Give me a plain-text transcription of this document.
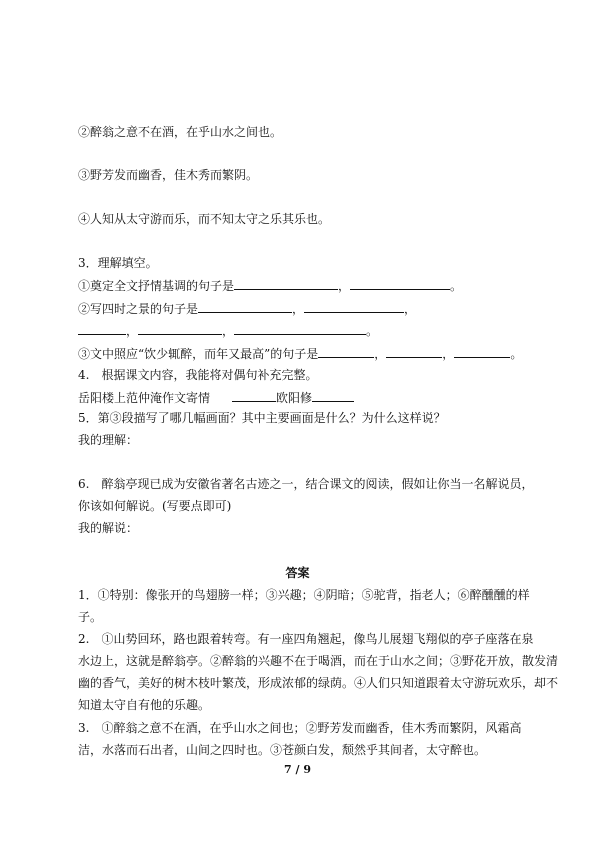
②醉翁之意不在酒，在乎山水之间也。
③野芳发而幽香，佳木秀而繁阴。
④人知从太守游而乐，而不知太守之乐其乐也。
3．理解填空。
①奠定全文抒情基调的句子是	，	。
②写四时之景的句子是	，	，
，	，	。
③文中照应“饮少辄醉，而年又最高”的句子是	，	，	。
4.　根据课文内容，我能将对偶句补充完整。
岳阳楼上范仲淹作文寄情	欧阳修
5．第③段描写了哪几幅画面？其中主要画面是什么？为什么这样说？
我的理解：
6.　醉翁亭现已成为安徽省著名古迹之一，结合课文的阅读，假如让你当一名解说员，
你该如何解说。(写要点即可)
我的解说：
答案
1．①特别：像张开的鸟翅膀一样；③兴趣；④阴暗；⑤驼背，指老人；⑥醉醺醺的样
子。
2.　①山势回环，路也跟着转弯。有一座四角翘起，像鸟儿展翅飞翔似的亭子座落在泉
水边上，这就是醉翁亭。②醉翁的兴趣不在于喝酒，而在于山水之间；③野花开放，散发清
幽的香气，美好的树木枝叶繁茂，形成浓郁的绿荫。④人们只知道跟着太守游玩欢乐，却不
知道太守自有他的乐趣。
3.　①醉翁之意不在酒，在乎山水之间也；②野芳发而幽香，佳木秀而繁阴，风霜高
洁，水落而石出者，山间之四时也。③苍颜白发，颓然乎其间者，太守醉也。
7 / 9
